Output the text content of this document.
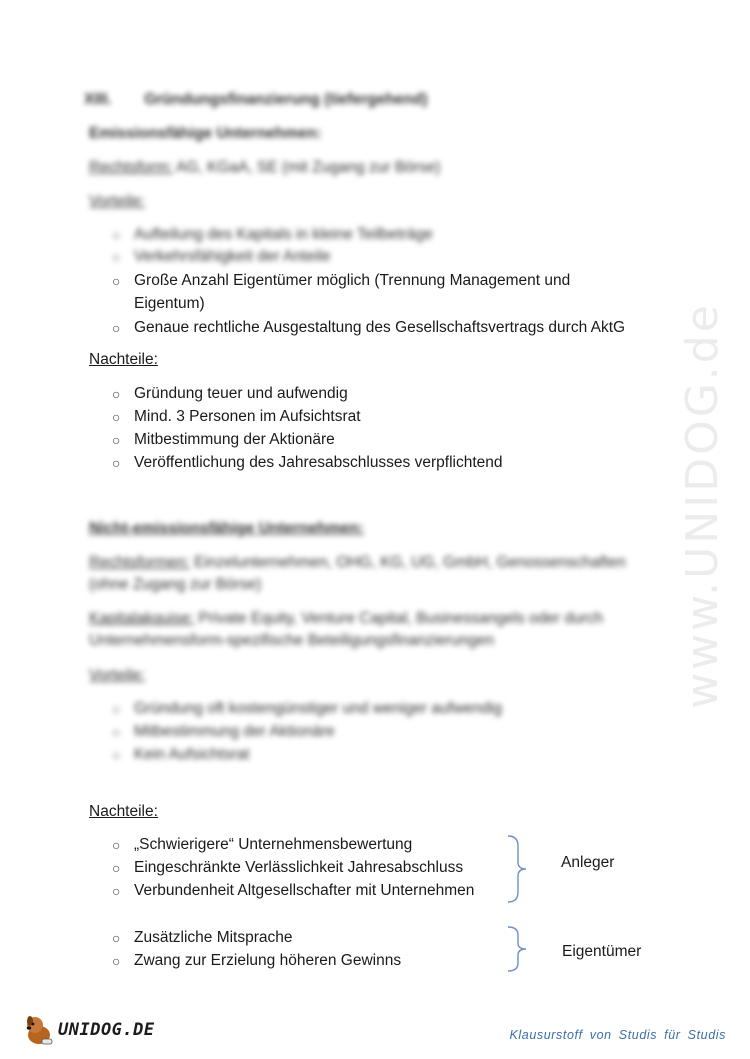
www.UNIDOG.de
XIII. Gründungsfinanzierung (tiefergehend)
Emissionsfähige Unternehmen:
Rechtsform: AG, KGaA, SE (mit Zugang zur Börse)
Vorteile:
○ Aufteilung des Kapitals in kleine Teilbeträge
○ Verkehrsfähigkeit der Anteile
○ Große Anzahl Eigentümer möglich (Trennung Management und
Eigentum)
○ Genaue rechtliche Ausgestaltung des Gesellschaftsvertrags durch AktG
Nachteile:
○ Gründung teuer und aufwendig
○ Mind. 3 Personen im Aufsichtsrat
○ Mitbestimmung der Aktionäre
○ Veröffentlichung des Jahresabschlusses verpflichtend
Nicht-emissionsfähige Unternehmen:
Rechtsformen: Einzelunternehmen, OHG, KG, UG, GmbH, Genossenschaften
(ohne Zugang zur Börse)
Kapitalakquise: Private Equity, Venture Capital, Businessangels oder durch
Unternehmensform-spezifische Beteiligungsfinanzierungen
Vorteile:
○ Gründung oft kostengünstiger und weniger aufwendig
○ Mitbestimmung der Aktionäre
○ Kein Aufsichtsrat
Nachteile:
○ „Schwierigere“ Unternehmensbewertung
○ Eingeschränkte Verlässlichkeit Jahresabschluss
○ Verbundenheit Altgesellschafter mit Unternehmen
Anleger
○ Zusätzliche Mitsprache
○ Zwang zur Erzielung höheren Gewinns
Eigentümer
UNIDOG.DE	Klausurstoff von Studis für Studis
